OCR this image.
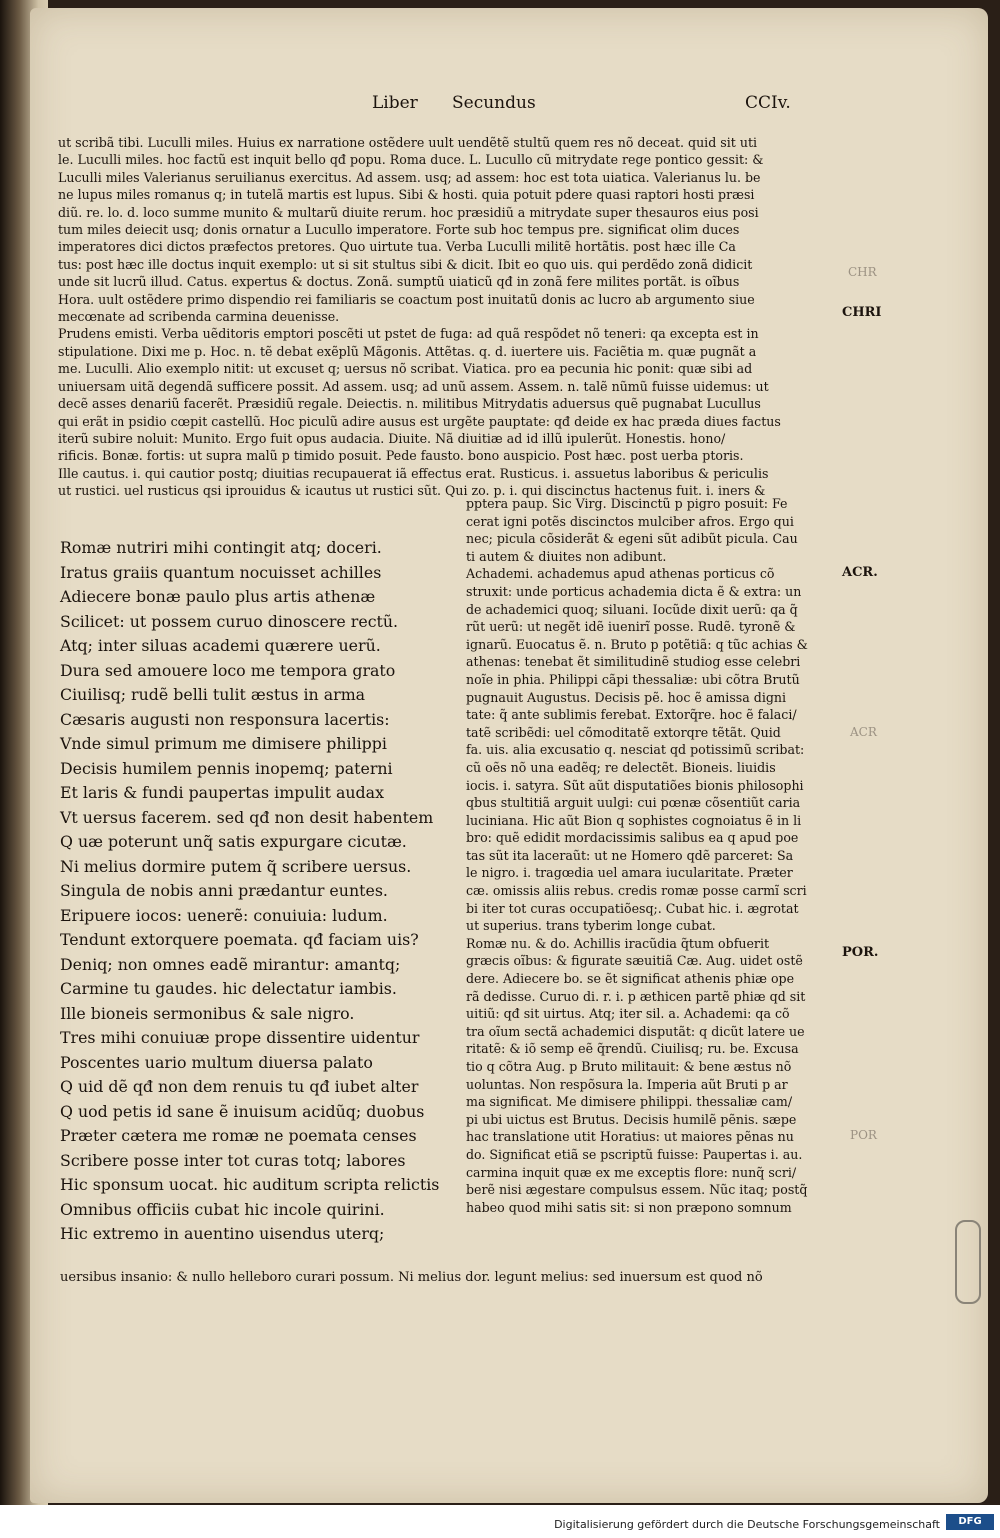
Liber Secundus	CCIv.

ut scribã tibi. Luculli miles. Huius ex narratione ostẽdere uult uendẽtẽ stultũ quem res nõ deceat. quid sit uti

le. Luculli miles. hoc factũ est inquit bello qđ popu. Roma duce. L. Lucullo cũ mitrydate rege pontico gessit: &

Luculli miles Valerianus seruilianus exercitus. Ad assem. usq; ad assem: hoc est tota uiatica. Valerianus lu. be

ne lupus miles romanus q; in tutelã martis est lupus. Sibi & hosti. quia potuit pdere quasi raptori hosti præsi

diũ. re. lo. d. loco summe munito & multarũ diuite rerum. hoc præsidiũ a mitrydate super thesauros eius posi

tum miles deiecit usq; donis ornatur a Lucullo imperatore. Forte sub hoc tempus pre. significat olim duces

imperatores dici dictos præfectos pretores. Quo uirtute tua. Verba Luculli militẽ hortãtis. post hæc ille Ca

tus: post hæc ille doctus inquit exemplo: ut si sit stultus sibi & dicit. Ibit eo quo uis. qui perdẽdo zonã didicit

unde sit lucrũ illud. Catus. expertus & doctus. Zonã. sumptũ uiaticũ qđ in zonã fere milites portãt. is oĩbus

Hora. uult ostẽdere primo dispendio rei familiaris se coactum post inuitatũ donis ac lucro ab argumento siue

mecœnate ad scribenda carmina deuenisse.

Prudens emisti. Verba uẽditoris emptori poscẽti ut pstet de fuga: ad quã respõdet nõ teneri: qa excepta est in

stipulatione. Dixi me p. Hoc. n. tẽ debat exẽplũ Mãgonis. Attẽtas. q. d. iuertere uis. Faciẽtia m. quæ pugnãt a

me. Luculli. Alio exemplo nitit: ut excuset q; uersus nõ scribat. Viatica. pro ea pecunia hic ponit: quæ sibi ad

uniuersam uitã degendã sufficere possit. Ad assem. usq; ad unũ assem. Assem. n. talẽ nũmũ fuisse uidemus: ut

decẽ asses denariũ facerẽt. Præsidiũ regale. Deiectis. n. militibus Mitrydatis aduersus quẽ pugnabat Lucullus

qui erãt in psidio cœpit castellũ. Hoc piculũ adire ausus est urgẽte pauptate: qđ deide ex hac præda diues factus

iterũ subire noluit: Munito. Ergo fuit opus audacia. Diuite. Nã diuitiæ ad id illũ ipulerũt. Honestis. hono/

rificis. Bonæ. fortis: ut supra malũ p timido posuit. Pede fausto. bono auspicio. Post hæc. post uerba ptoris.

Ille cautus. i. qui cautior postq; diuitias recupauerat iã effectus erat. Rusticus. i. assuetus laboribus & periculis

ut rustici. uel rusticus qsi iprouidus & icautus ut rustici sũt. Qui zo. p. i. qui discinctus hactenus fuit. i. iners &

Romæ nutriri mihi contingit atq; doceri.
Iratus graiis quantum nocuisset achilles
Adiecere bonæ paulo plus artis athenæ
Scilicet: ut possem curuo dinoscere rectũ.
Atq; inter siluas academi quærere uerũ.
Dura sed amouere loco me tempora grato
Ciuilisq; rudẽ belli tulit æstus in arma
Cæsaris augusti non responsura lacertis:
Vnde simul primum me dimisere philippi
Decisis humilem pennis inopemq; paterni
Et laris & fundi paupertas impulit audax
Vt uersus facerem. sed qđ non desit habentem
Q uæ poterunt unq̃ satis expurgare cicutæ.
Ni melius dormire putem q̃ scribere uersus.
Singula de nobis anni prædantur euntes.
Eripuere iocos: uenerẽ: conuiuia: ludum.
Tendunt extorquere poemata. qđ faciam uis?
Deniq; non omnes eadẽ mirantur: amantq;
Carmine tu gaudes. hic delectatur iambis.
Ille bioneis sermonibus & sale nigro.
Tres mihi conuiuæ prope dissentire uidentur
Poscentes uario multum diuersa palato
Q uid dẽ qđ non dem renuis tu qđ iubet alter
Q uod petis id sane ẽ inuisum acidũq; duobus
Præter cætera me romæ ne poemata censes
Scribere posse inter tot curas totq; labores
Hic sponsum uocat. hic auditum scripta relictis
Omnibus officiis cubat hic incole quirini.
Hic extremo in auentino uisendus uterq;

pptera paup. Sic Virg. Discinctũ p pigro posuit: Fe

cerat igni potẽs discinctos mulciber afros. Ergo qui

nec; picula cõsiderãt & egeni sũt adibũt picula. Cau

ti autem & diuites non adibunt.

Achademi. achademus apud athenas porticus cõ

struxit: unde porticus achademia dicta ẽ & extra: un

de achademici quoq; siluani. Iocũde dixit uerũ: qa q̃

rũt uerũ: ut negẽt idẽ iuenirĩ posse. Rudẽ. tyronẽ &

ignarũ. Euocatus ẽ. n. Bruto p potẽtiã: q tũc achias &

athenas: tenebat ẽt similitudinẽ studiog esse celebri

noĩe in phia. Philippi cãpi thessaliæ: ubi cõtra Brutũ

pugnauit Augustus. Decisis pẽ. hoc ẽ amissa digni

tate: q̃ ante sublimis ferebat. Extorq̃re. hoc ẽ falaci/

tatẽ scribẽdi: uel cõmoditatẽ extorqre tẽtãt. Quid

fa. uis. alia excusatio q. nesciat qd potissimũ scribat:

cũ oẽs nõ una eadẽq; re delectẽt. Bioneis. liuidis

iocis. i. satyra. Sũt aũt disputatiões bionis philosophi

qbus stultitiã arguit uulgi: cui pœnæ cõsentiũt caria

luciniana. Hic aũt Bion q sophistes cognoiatus ẽ in li

bro: quẽ edidit mordacissimis salibus ea q apud poe

tas sũt ita laceraũt: ut ne Homero qdẽ parceret: Sa

le nigro. i. tragœdia uel amara iucularitate. Præter

cæ. omissis aliis rebus. credis romæ posse carmĩ scri

bi iter tot curas occupatiõesq;. Cubat hic. i. ægrotat

ut superius. trans tyberim longe cubat.

Romæ nu. & do. Achillis iracũdia q̃tum obfuerit

græcis oĩbus: & figurate sæuitiã Cæ. Aug. uidet ostẽ

dere. Adiecere bo. se ẽt significat athenis phiæ ope

rã dedisse. Curuo di. r. i. p æthicen partẽ phiæ qd sit

uitiũ: qđ sit uirtus. Atq; iter sil. a. Achademi: qa cõ

tra oĩum sectã achademici disputãt: q dicũt latere ue

ritatẽ: & iõ semp eẽ q̃rendũ. Ciuilisq; ru. be. Excusa

tio q cõtra Aug. p Bruto militauit: & bene æstus nõ

uoluntas. Non respõsura la. Imperia aũt Bruti p ar

ma significat. Me dimisere philippi. thessaliæ cam/

pi ubi uictus est Brutus. Decisis humilẽ pẽnis. sæpe

hac translatione utit Horatius: ut maiores pẽnas nu

do. Significat etiã se pscriptũ fuisse: Paupertas i. au.

carmina inquit quæ ex me exceptis flore: nunq̃ scri/

berẽ nisi ægestare compulsus essem. Nũc itaq; postq̃

habeo quod mihi satis sit: si non præpono somnum

uersibus insanio: & nullo helleboro curari possum. Ni melius dor. legunt melius: sed inuersum est quod nõ
CHRI
ACR.
POR.
CHR
ACR
POR
Digitalisierung gefördert durch die Deutsche Forschungsgemeinschaft	DFG
